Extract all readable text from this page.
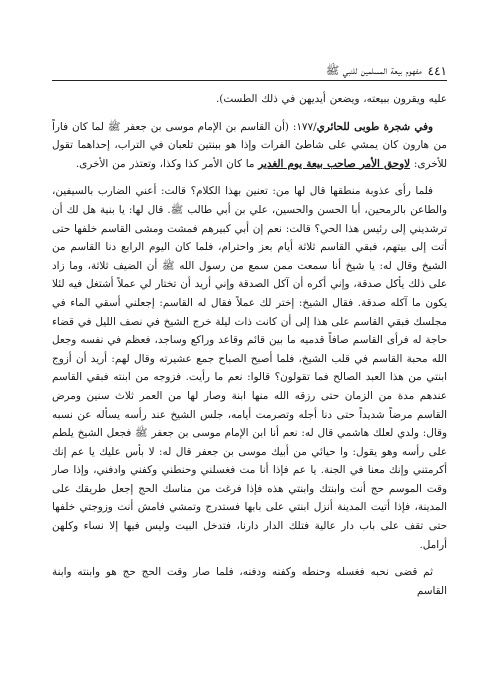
٤٤١
مفهوم بيعة المسلمين للنبي ﷺ

عليه ويقرون ببيعته، ويضعن أيديهن في ذلك الطست).

وفي شجرة طوبى للحائري/١٧٧: (أن القاسم بن الإمام موسى بن جعفر ﷺ لما كان فاراً من هارون كان يمشي على شاطئ الفرات وإذا هو ببنتين تلعبان في التراب، إحداهما تقول للأخرى: لاوحق الأمر صاحب بيعة يوم الغدير ما كان الأمر كذا وكذا، وتعتذر من الأخرى.

فلما رأى عذوبة منطقها قال لها من: تعنين بهذا الكلام؟ قالت: أعني الضارب بالسيفين، والطاعن بالرمحين، أبا الحسن والحسين، علي بن أبي طالب ﷺ. قال لها: يا بنية هل لك أن ترشديني إلى رئيس هذا الحي؟ قالت: نعم إن أبي كبيرهم فمشت ومشى القاسم خلفها حتى أتت إلى بيتهم، فبقي القاسم ثلاثة أيام بعز واحترام، فلما كان اليوم الرابع دنا القاسم من الشيخ وقال له: يا شيخ أنا سمعت ممن سمع من رسول الله ﷺ أن الضيف ثلاثة، وما زاد على ذلك يأكل صدقة، وإني أكره أن آكل الصدقة وإني أريد أن تختار لي عملاً أشتغل فيه لئلا يكون ما آكله صدقة. فقال الشيخ: إختر لك عملاً فقال له القاسم: إجعلني أسقي الماء في مجلسك فبقي القاسم على هذا إلى أن كانت ذات ليلة خرج الشيخ في نصف الليل في قضاء حاجة له فرأى القاسم صافاً قدميه ما بين قائم وقاعد وراكع وساجد، فعظم في نفسه وجعل الله محبة القاسم في قلب الشيخ، فلما أصبح الصباح جمع عشيرته وقال لهم: أريد أن أزوج ابنتي من هذا العبد الصالح فما تقولون؟ قالوا: نعم ما رأيت. فزوجه من ابنته فبقي القاسم عندهم مدة من الزمان حتى رزقه الله منها ابنة وصار لها من العمر ثلاث سنين ومرض القاسم مرضاً شديداً حتى دنا أجله وتصرمت أيامه، جلس الشيخ عند رأسه يسأله عن نسبه وقال: ولدي لعلك هاشمي قال له: نعم أنا ابن الإمام موسى بن جعفر ﷺ فجعل الشيخ يلطم على رأسه وهو يقول: وا حيائي من أبيك موسى بن جعفر قال له: لا بأس عليك يا عم إنك أكرمتني وإنك معنا في الجنة. يا عم فإذا أنا مت فغسلني وحنطني وكفني وادفني، وإذا صار وقت الموسم حج أنت وابنتك وابنتي هذه فإذا فرغت من مناسك الحج إجعل طريقك على المدينة، فإذا أتيت المدينة أنزل ابنتي على بابها فستدرج وتمشي فامش أنت وزوجتي خلفها حتى تقف على باب دار عالية فتلك الدار دارنا، فتدخل البيت وليس فيها إلا نساء وكلهن أرامل.

ثم قضى نحبه فغسله وحنطه وكفنه ودفنه، فلما صار وقت الحج حج هو وابنته وابنة القاسم
